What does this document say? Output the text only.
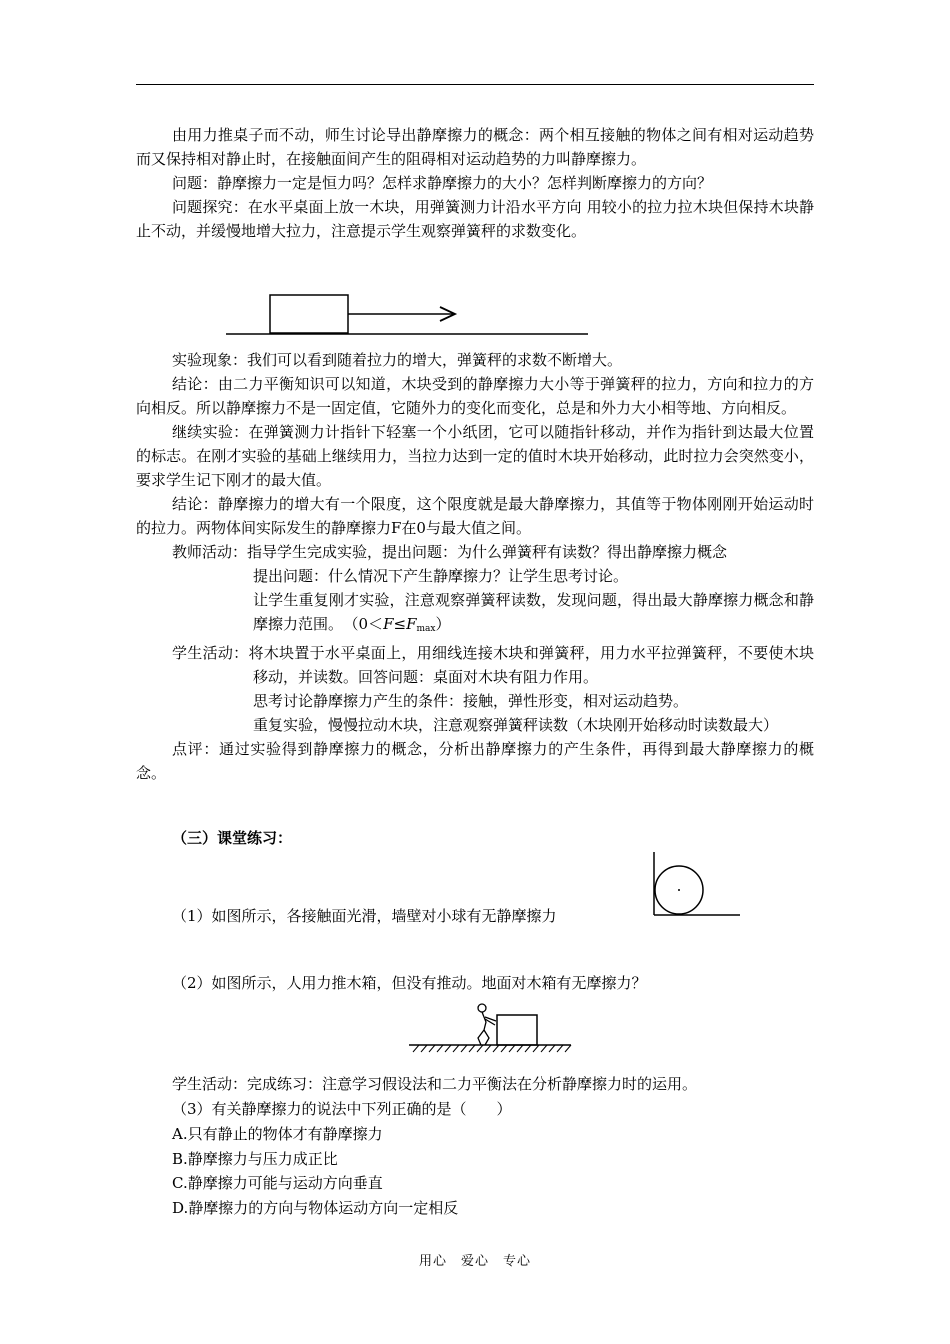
由用力推桌子而不动，师生讨论导出静摩擦力的概念：两个相互接触的物体之间有相对运动趋势而又保持相对静止时，在接触面间产生的阻碍相对运动趋势的力叫静摩擦力。

问题：静摩擦力一定是恒力吗？怎样求静摩擦力的大小？怎样判断摩擦力的方向？

问题探究：在水平桌面上放一木块，用弹簧测力计沿水平方向 用较小的拉力拉木块但保持木块静止不动，并缓慢地增大拉力，注意提示学生观察弹簧秤的求数变化。

实验现象：我们可以看到随着拉力的增大，弹簧秤的求数不断增大。

结论：由二力平衡知识可以知道，木块受到的静摩擦力大小等于弹簧秤的拉力，方向和拉力的方向相反。所以静摩擦力不是一固定值，它随外力的变化而变化，总是和外力大小相等地、方向相反。

继续实验：在弹簧测力计指针下轻塞一个小纸团，它可以随指针移动，并作为指针到达最大位置的标志。在刚才实验的基础上继续用力，当拉力达到一定的值时木块开始移动，此时拉力会突然变小，要求学生记下刚才的最大值。

结论：静摩擦力的增大有一个限度，这个限度就是最大静摩擦力，其值等于物体刚刚开始运动时的拉力。两物体间实际发生的静摩擦力F在0与最大值之间。

教师活动：指导学生完成实验，提出问题：为什么弹簧秤有读数？得出静摩擦力概念

提出问题：什么情况下产生静摩擦力？让学生思考讨论。

让学生重复刚才实验，注意观察弹簧秤读数，发现问题，得出最大静摩擦力概念和静摩擦力范围。 （0＜F≤Fmax）

学生活动：将木块置于水平桌面上，用细线连接木块和弹簧秤，用力水平拉弹簧秤，不要使木块移动，并读数。回答问题：桌面对木块有阻力作用。

思考讨论静摩擦力产生的条件：接触，弹性形变，相对运动趋势。

重复实验，慢慢拉动木块，注意观察弹簧秤读数（木块刚开始移动时读数最大）

点评：通过实验得到静摩擦力的概念，分析出静摩擦力的产生条件，再得到最大静摩擦力的概念。

（三）课堂练习：
（1）如图所示，各接触面光滑，墙壁对小球有无静摩擦力
（2）如图所示，人用力推木箱，但没有推动。地面对木箱有无摩擦力？
学生活动：完成练习：注意学习假设法和二力平衡法在分析静摩擦力时的运用。
（3）有关静摩擦力的说法中下列正确的是（　　）
A.只有静止的物体才有静摩擦力
B.静摩擦力与压力成正比
C.静摩擦力可能与运动方向垂直
D.静摩擦力的方向与物体运动方向一定相反
用心　爱心　专心
